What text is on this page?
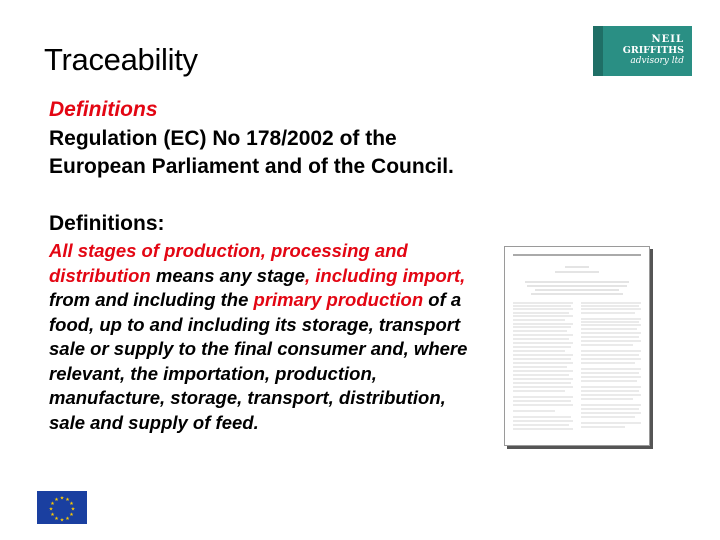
Traceability
NEIL
GRIFFITHS
advisory ltd

Definitions

Regulation (EC) No 178/2002 of the European Parliament and of the Council.

Definitions:

All stages of production, processing and distribution means any stage, including import, from and including the primary production of a food, up to and including its storage, transport sale or supply to the final consumer and, where relevant, the importation, production, manufacture, storage, transport, distribution, sale and supply of feed.

★ ★
★
★
★
★
★
★
★
★
★
★
